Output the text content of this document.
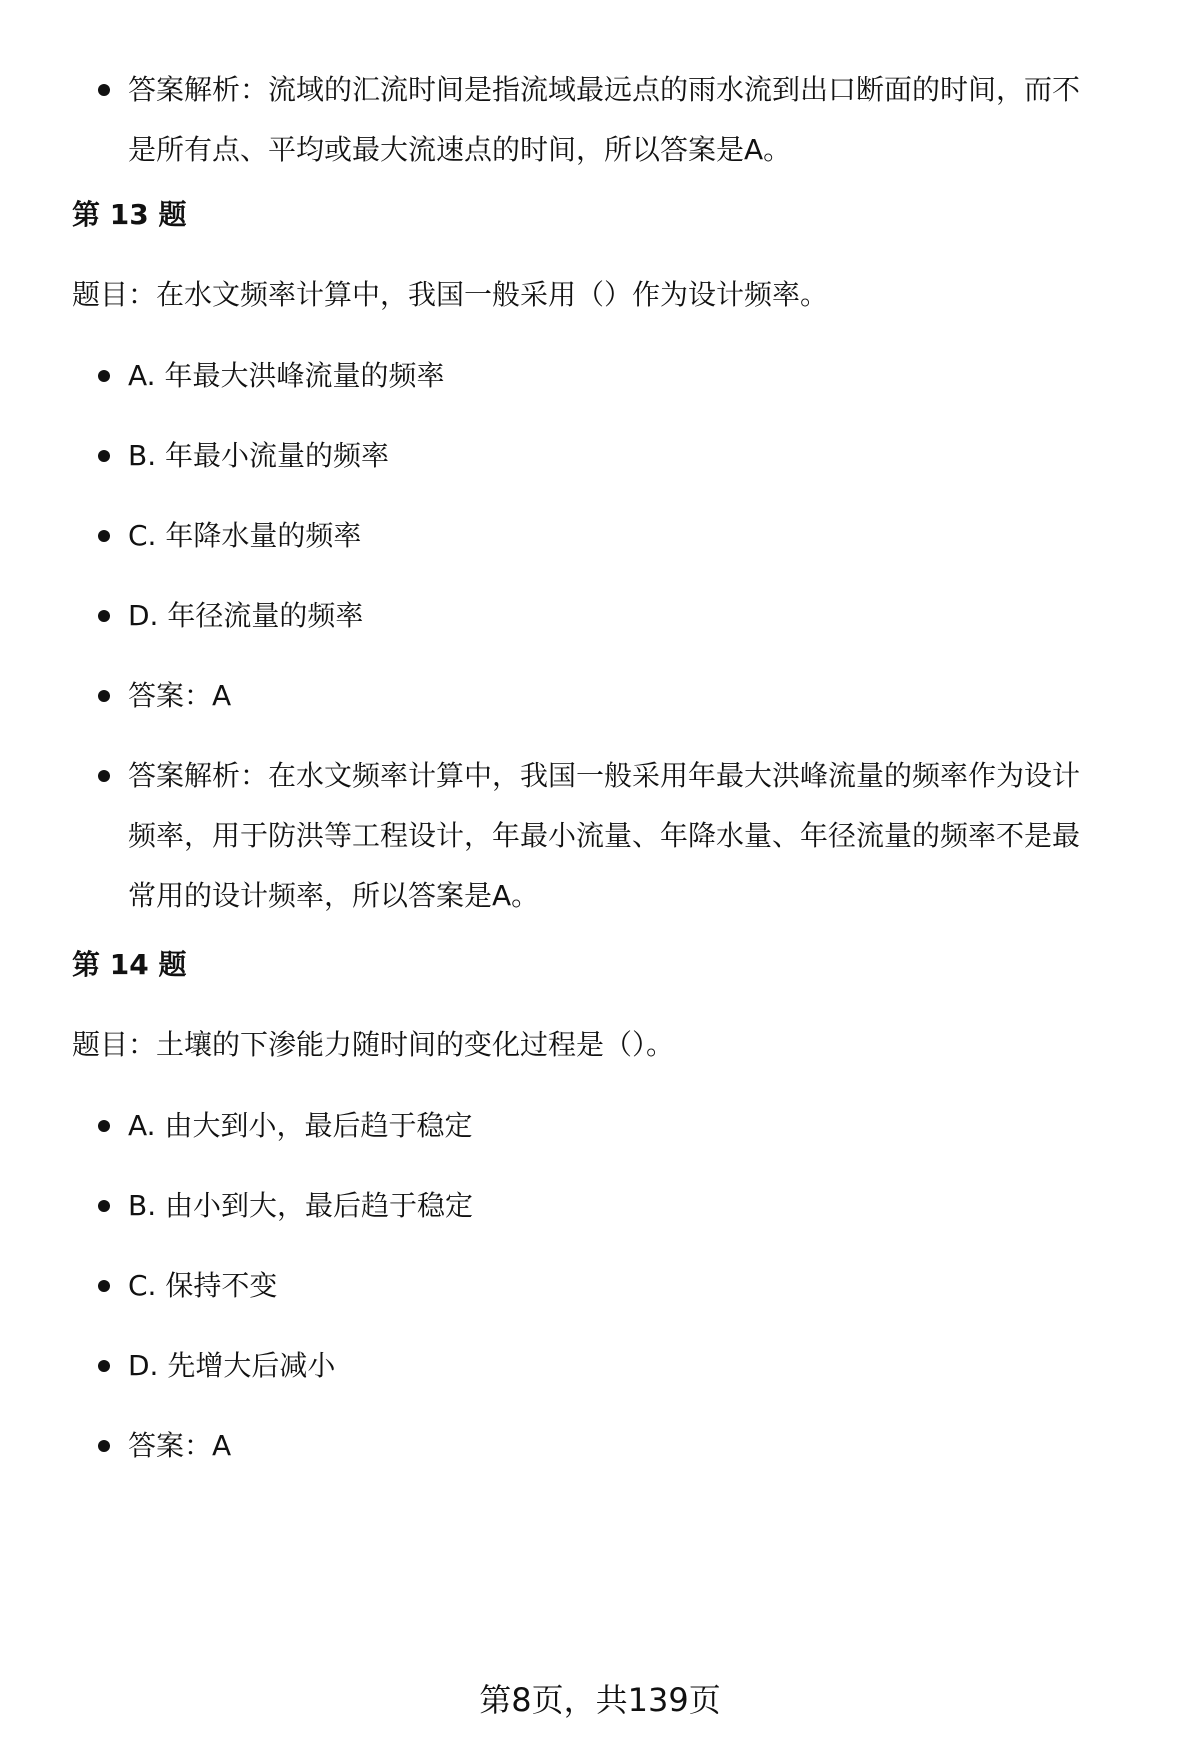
答案解析：流域的汇流时间是指流域最远点的雨水流到出口断面的时间，而不
是所有点、平均或最大流速点的时间，所以答案是A。
第 13 题
题目：在水文频率计算中，我国一般采用（）作为设计频率。
A. 年最大洪峰流量的频率
B. 年最小流量的频率
C. 年降水量的频率
D. 年径流量的频率
答案：A
答案解析：在水文频率计算中，我国一般采用年最大洪峰流量的频率作为设计
频率，用于防洪等工程设计，年最小流量、年降水量、年径流量的频率不是最
常用的设计频率，所以答案是A。
第 14 题
题目：土壤的下渗能力随时间的变化过程是（）。
A. 由大到小，最后趋于稳定
B. 由小到大，最后趋于稳定
C. 保持不变
D. 先增大后减小
答案：A
第8页，共139页
